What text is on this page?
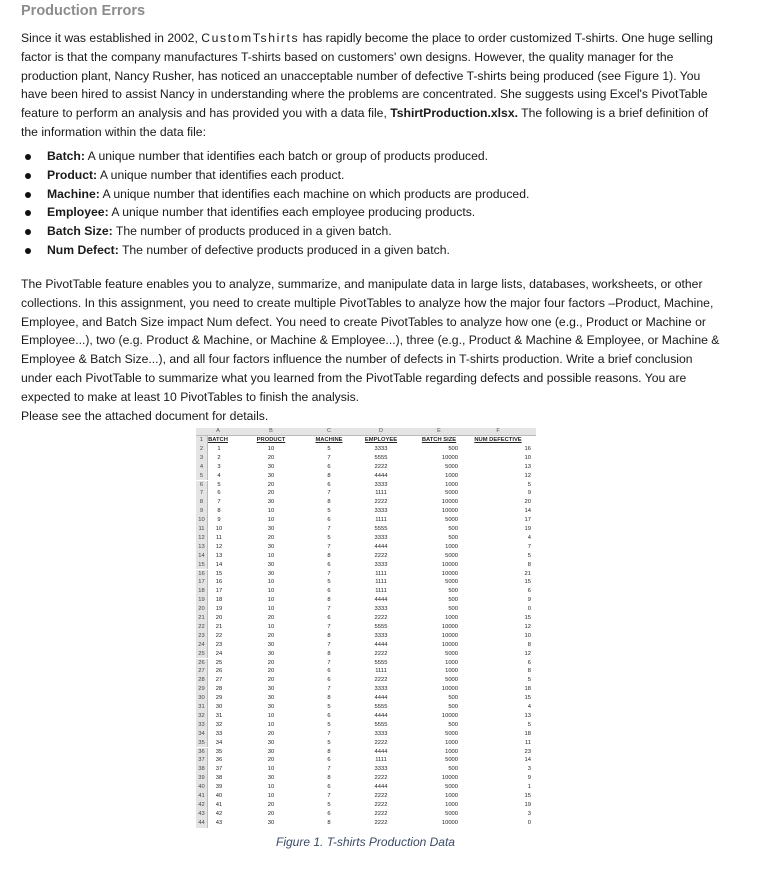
Production Errors

Since it was established in 2002, CustomTshirts has rapidly become the place to order customized T-shirts. One huge selling factor is that the company manufactures T-shirts based on customers' own designs. However, the quality manager for the production plant, Nancy Rusher, has noticed an unacceptable number of defective T-shirts being produced (see Figure 1). You have been hired to assist Nancy in understanding where the problems are concentrated. She suggests using Excel's PivotTable feature to perform an analysis and has provided you with a data file, TshirtProduction.xlsx. The following is a brief definition of the information within the data file:

Batch: A unique number that identifies each batch or group of products produced.
Product: A unique number that identifies each product.
Machine: A unique number that identifies each machine on which products are produced.
Employee: A unique number that identifies each employee producing products.
Batch Size: The number of products produced in a given batch.
Num Defect: The number of defective products produced in a given batch.

The PivotTable feature enables you to analyze, summarize, and manipulate data in large lists, databases, worksheets, or other collections. In this assignment, you need to create multiple PivotTables to analyze how the major four factors –Product, Machine, Employee, and Batch Size impact Num defect. You need to create PivotTables to analyze how one (e.g., Product or Machine or Employee...), two (e.g. Product & Machine, or Machine & Employee...), three (e.g., Product & Machine & Employee, or Machine & Employee & Batch Size...), and all four factors influence the number of defects in T-shirts production. Write a brief conclusion under each PivotTable to summarize what you learned from the PivotTable regarding defects and possible reasons. You are expected to make at least 10 PivotTables to finish the analysis.

Please see the attached document for details.

A	B	C	D	E	F
1 BATCH	PRODUCT	MACHINE	EMPLOYEE	BATCH SIZE	NUM DEFECTIVE
2	1	10	5	3333	500	16
3	2	20	7	5555	10000	10
4	3	30	6	2222	5000	13
5	4	30	8	4444	1000	12
6	5	20	6	3333	1000	5
7	6	20	7	1111	5000	9
8	7	30	8	2222	10000	20
9	8	10	5	3333	10000	14
10	9	10	6	1111	5000	17
11	10	30	7	5555	500	19
12	11	20	5	3333	500	4
13	12	30	7	4444	1000	7
14	13	10	8	2222	5000	5
15	14	30	6	3333	10000	8
16	15	30	7	1111	10000	21
17	16	10	5	1111	5000	15
18	17	10	6	1111	500	6
19	18	10	8	4444	500	9
20	19	10	7	3333	500	0
21	20	20	6	2222	1000	15
22	21	10	7	5555	10000	12
23	22	20	8	3333	10000	10
24	23	30	7	4444	10000	8
25	24	30	8	2222	5000	12
26	25	20	7	5555	1000	6
27	26	20	6	1111	1000	8
28	27	20	6	2222	5000	5
29	28	30	7	3333	10000	18
30	29	30	8	4444	500	15
31	30	30	5	5555	500	4
32	31	10	6	4444	10000	13
33	32	10	5	5555	500	5
34	33	20	7	3333	5000	18
35	34	30	5	2222	1000	11
36	35	30	8	4444	1000	23
37	36	20	6	1111	5000	14
38	37	10	7	3333	500	3
39	38	30	8	2222	10000	9
40	39	10	6	4444	5000	1
41	40	10	7	2222	1000	15
42	41	20	5	2222	1000	19
43	42	20	6	2222	5000	3
44	43	30	8	2222	10000	0
Figure 1. T-shirts Production Data
